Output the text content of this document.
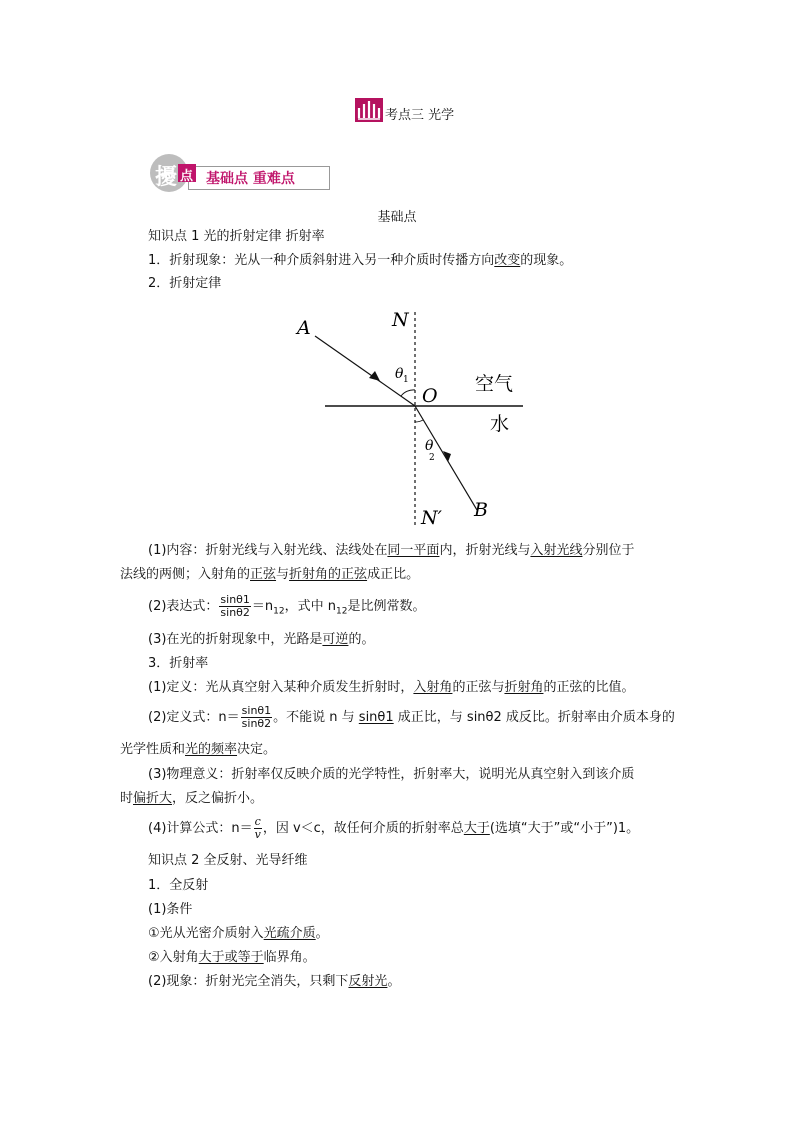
考点三 光学
擾 点 基础点 重难点
基础点
知识点 1 光的折射定律 折射率
1．折射现象：光从一种介质斜射进入另一种介质时传播方向改变的现象。
2．折射定律
A	N
θ 1
O
空气
水
θ
2
N′ B
(1)内容：折射光线与入射光线、法线处在同一平面内，折射光线与入射光线分别位于
法线的两侧；入射角的正弦与折射角的正弦成正比。
(2)表达式： $\frac{\sin\theta 1}{\sin\theta 2} =n_{12}$，式中 $n_{12}$是比例常数。
(3)在光的折射现象中，光路是可逆的。
3．折射率
(1)定义：光从真空射入某种介质发生折射时，入射角的正弦与折射角的正弦的比值。
(2)定义式：$n= \frac{\sin\theta 1}{\sin\theta 2}$ 。不能说 n 与 sinθ1 成正比，与 sinθ2 成反比。折射率由介质本身的
光学性质和光的频率决定。
(3)物理意义：折射率仅反映介质的光学特性，折射率大，说明光从真空射入到该介质
时偏折大，反之偏折小。
(4)计算公式：$n= \frac{c}{v}$ ，因 v＜c，故任何介质的折射率总大于(选填“大于”或“小于”)1。
知识点 2 全反射、光导纤维
1．全反射
(1)条件
①光从光密介质射入光疏介质。
②入射角大于或等于临界角。
(2)现象：折射光完全消失，只剩下反射光。
